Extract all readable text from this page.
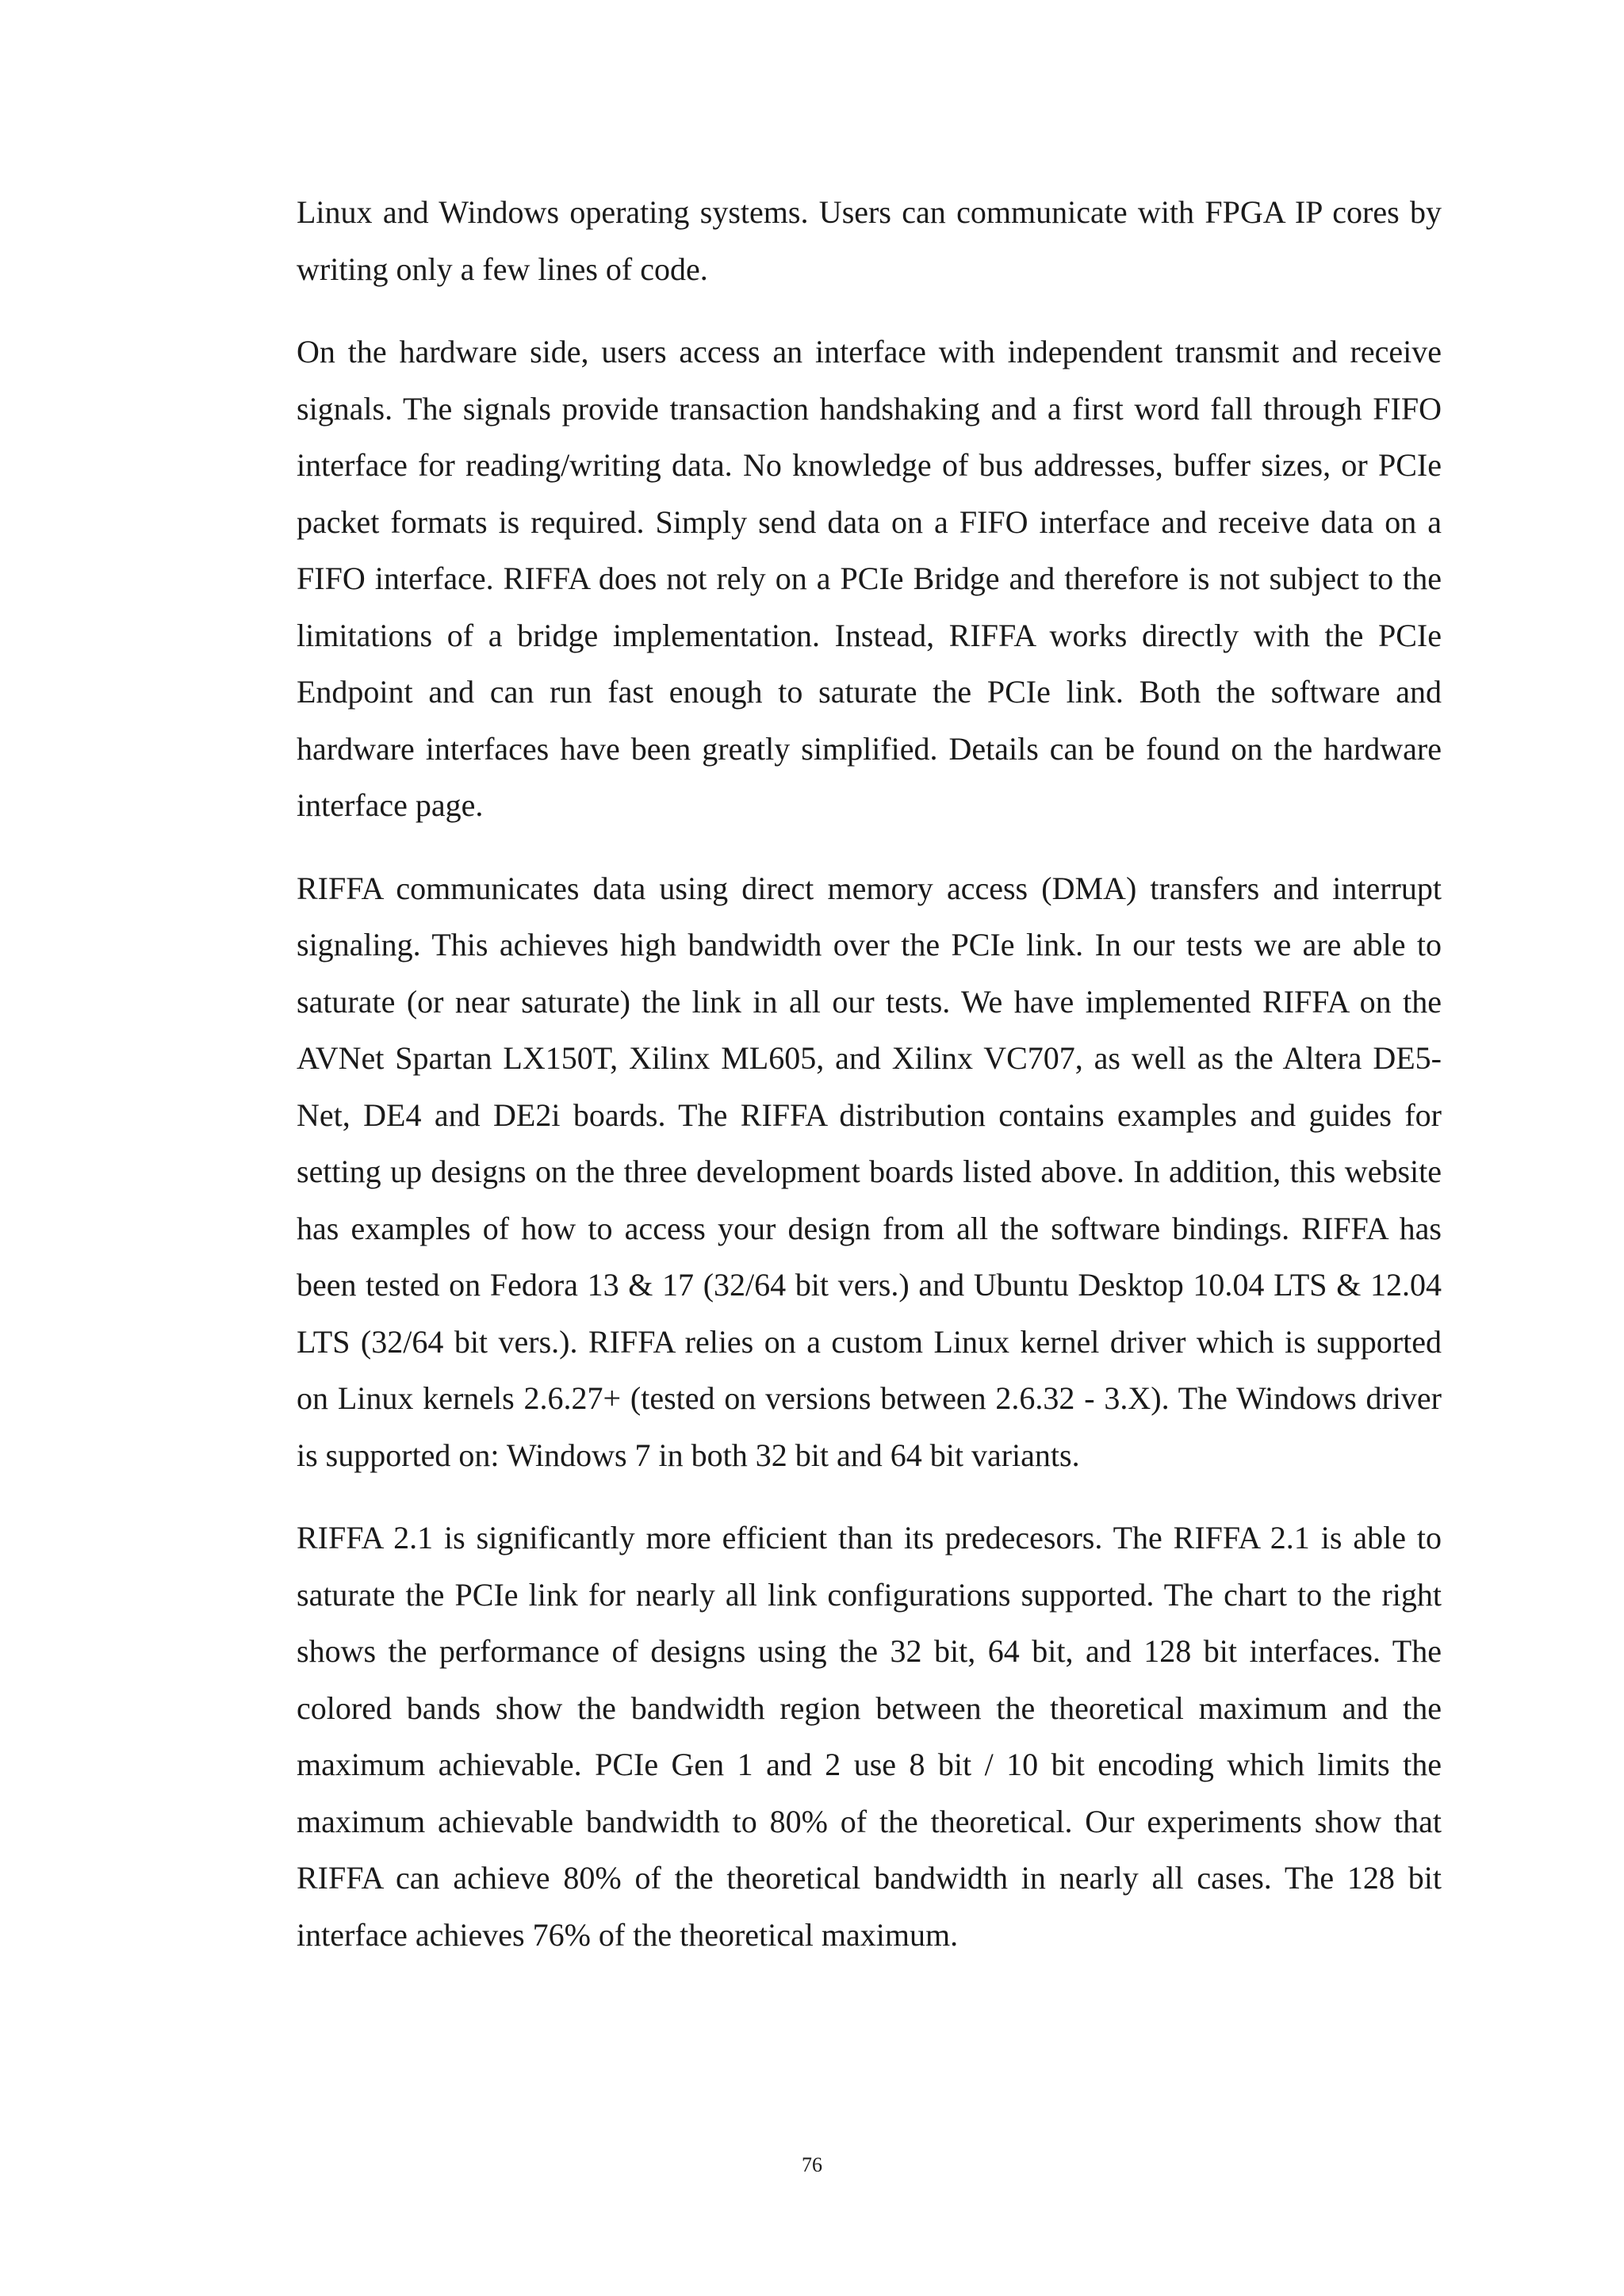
Linux and Windows operating systems. Users can communicate with FPGA IP cores by writing only a few lines of code.

On the hardware side, users access an interface with independent transmit and receive signals. The signals provide transaction handshaking and a first word fall through FIFO interface for reading/writing data. No knowledge of bus addresses, buffer sizes, or PCIe packet formats is required. Simply send data on a FIFO interface and receive data on a FIFO interface. RIFFA does not rely on a PCIe Bridge and therefore is not subject to the limitations of a bridge implementation. Instead, RIFFA works directly with the PCIe Endpoint and can run fast enough to saturate the PCIe link. Both the software and hardware interfaces have been greatly simplified. Details can be found on the hardware interface page.

RIFFA communicates data using direct memory access (DMA) transfers and interrupt signaling. This achieves high bandwidth over the PCIe link. In our tests we are able to saturate (or near saturate) the link in all our tests. We have implemented RIFFA on the AVNet Spartan LX150T, Xilinx ML605, and Xilinx VC707, as well as the Altera DE5-Net, DE4 and DE2i boards. The RIFFA distribution contains examples and guides for setting up designs on the three development boards listed above. In addition, this website has examples of how to access your design from all the software bindings. RIFFA has been tested on Fedora 13 & 17 (32/64 bit vers.) and Ubuntu Desktop 10.04 LTS & 12.04 LTS (32/64 bit vers.). RIFFA relies on a custom Linux kernel driver which is supported on Linux kernels 2.6.27+ (tested on versions between 2.6.32 - 3.X). The Windows driver is supported on: Windows 7 in both 32 bit and 64 bit variants.

RIFFA 2.1 is significantly more efficient than its predecesors. The RIFFA 2.1 is able to saturate the PCIe link for nearly all link configurations supported. The chart to the right shows the performance of designs using the 32 bit, 64 bit, and 128 bit interfaces. The colored bands show the bandwidth region between the theoretical maximum and the maximum achievable. PCIe Gen 1 and 2 use 8 bit / 10 bit encoding which limits the maximum achievable bandwidth to 80% of the theoretical. Our experiments show that RIFFA can achieve 80% of the theoretical bandwidth in nearly all cases. The 128 bit interface achieves 76% of the theoretical maximum.

76
